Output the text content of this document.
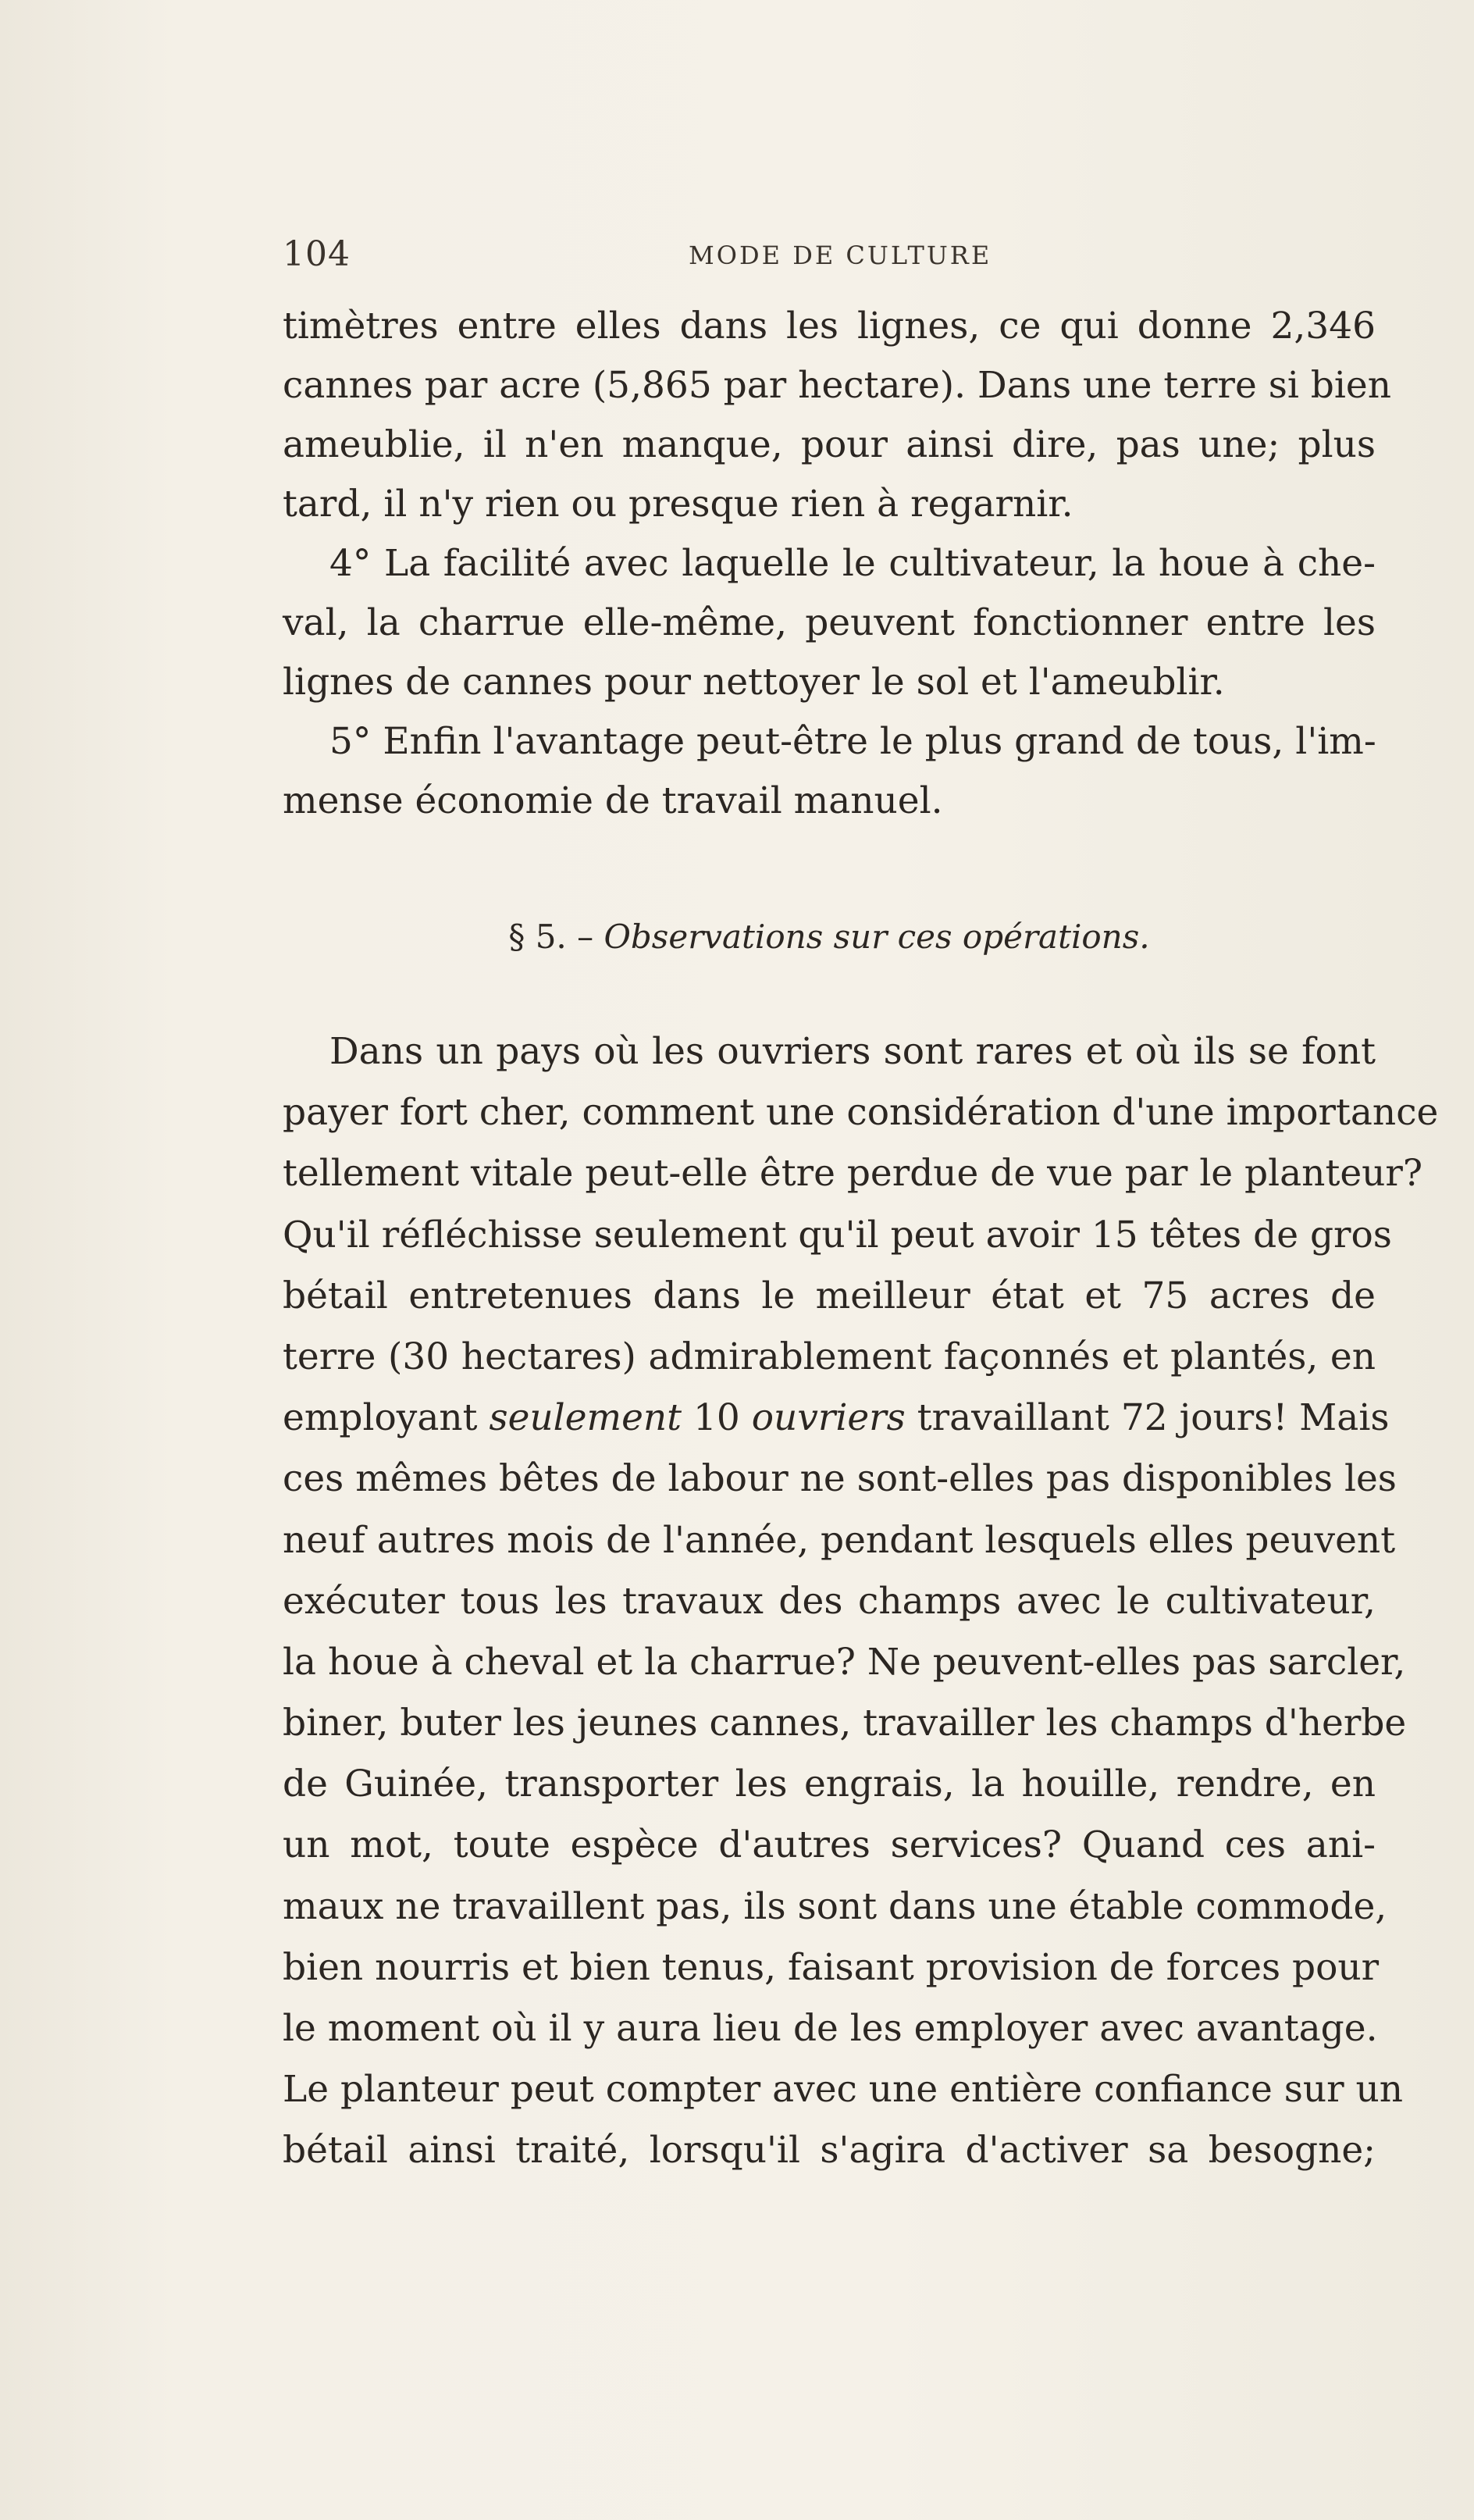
104	MODE DE CULTURE
timètres entre elles dans les lignes, ce qui donne 2,346
cannes par acre (5,865 par hectare). Dans une terre si bien
ameublie, il n'en manque, pour ainsi dire, pas une; plus
tard, il n'y rien ou presque rien à regarnir.
4° La facilité avec laquelle le cultivateur, la houe à che-
val, la charrue elle-même, peuvent fonctionner entre les
lignes de cannes pour nettoyer le sol et l'ameublir.
5° Enfin l'avantage peut-être le plus grand de tous, l'im-
mense économie de travail manuel.
§ 5. – Observations sur ces opérations.
Dans un pays où les ouvriers sont rares et où ils se font
payer fort cher, comment une considération d'une importance
tellement vitale peut-elle être perdue de vue par le planteur?
Qu'il réfléchisse seulement qu'il peut avoir 15 têtes de gros
bétail entretenues dans le meilleur état et 75 acres de
terre (30 hectares) admirablement façonnés et plantés, en
employant seulement 10 ouvriers travaillant 72 jours! Mais
ces mêmes bêtes de labour ne sont-elles pas disponibles les
neuf autres mois de l'année, pendant lesquels elles peuvent
exécuter tous les travaux des champs avec le cultivateur,
la houe à cheval et la charrue? Ne peuvent-elles pas sarcler,
biner, buter les jeunes cannes, travailler les champs d'herbe
de Guinée, transporter les engrais, la houille, rendre, en
un mot, toute espèce d'autres services? Quand ces ani-
maux ne travaillent pas, ils sont dans une étable commode,
bien nourris et bien tenus, faisant provision de forces pour
le moment où il y aura lieu de les employer avec avantage.
Le planteur peut compter avec une entière confiance sur un
bétail ainsi traité, lorsqu'il s'agira d'activer sa besogne;
